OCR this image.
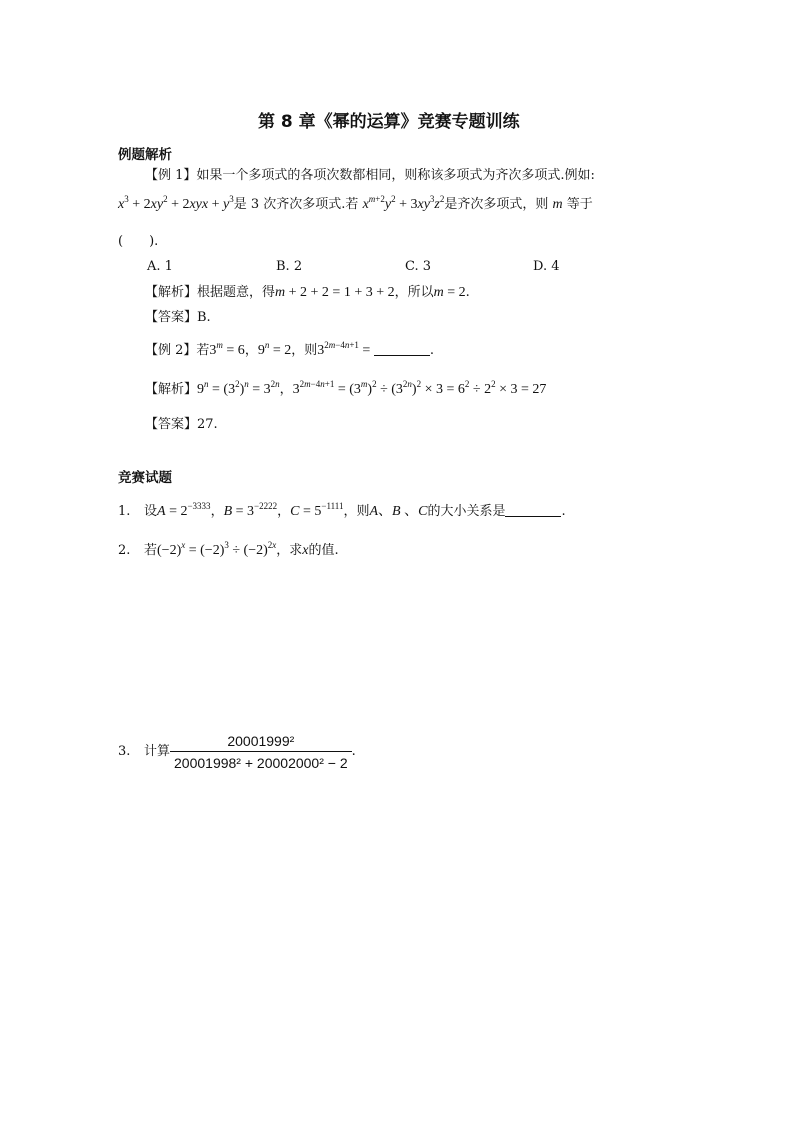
第 8 章《幂的运算》竞赛专题训练
例题解析
【例 1】如果一个多项式的各项次数都相同，则称该多项式为齐次多项式.例如:
$x^3 + 2xy^2 + 2xyx + y^3$是 3 次齐次多项式.若 $x^{m+2}y^2 + 3xy^3z^2$是齐次多项式，则 m 等于
(　　).
A. 1	B. 2	C. 3	D. 4
【解析】根据题意，得m + 2 + 2 = 1 + 3 + 2，所以m = 2.
【答案】B.
【例 2】若$3^m = 6$，$9^n = 2$，则$3^{2m-4n+1}$ =	.
【解析】$9^n = (3^2)^n = 3^{2n}$，$3^{2m-4n+1} = (3^m)^2 \div (3^{2n})^2 \times 3 = 6^2 \div 2^2 \times 3 = 27$
【答案】27.
竞赛试题
1. 设$A = 2^{-3333}$，$B = 3^{-2222}$，$C = 5^{-1111}$，则A、B 、C的大小关系是	.
2. 若$(-2)^x = (-2)^3 \div (-2)^{2x}$，求x的值.
3. 计算 $\frac{\text{20001999²}}{\text{20001998² + 20002000² − 2}}$ .
